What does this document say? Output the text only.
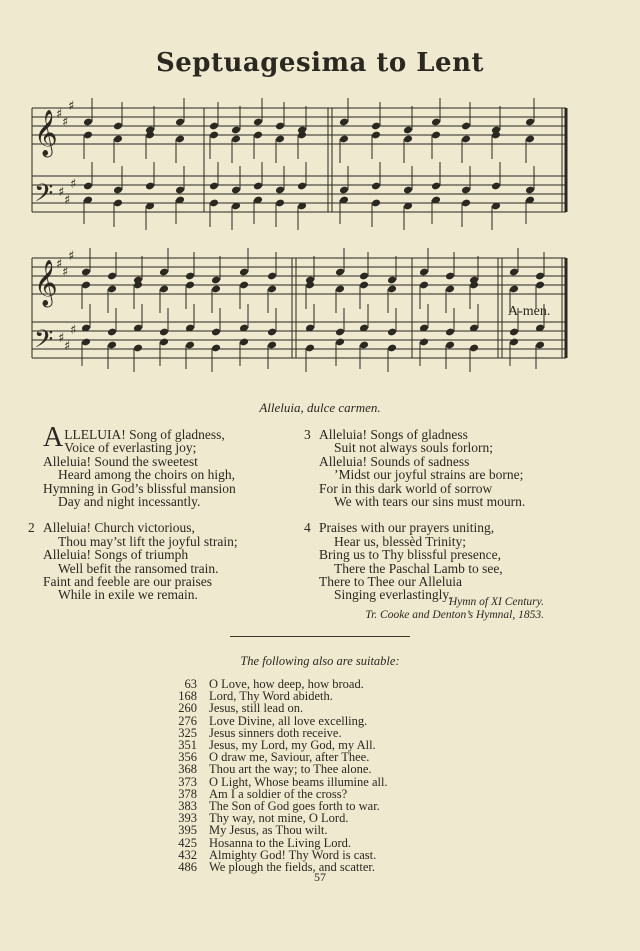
Septuagesima to Lent
𝄞
𝄢
𝄞
𝄢
♯
♯
♯
♯
♯
♯
♯
♯
♯
♯
♯
♯
A-men.
Alleluia, dulce carmen.
ALLELUIA! Song of gladness,
Voice of everlasting joy;
Alleluia! Sound the sweetest
Heard among the choirs on high,
Hymning in God’s blissful mansion
Day and night incessantly.
2 Alleluia! Church victorious,
Thou may’st lift the joyful strain;
Alleluia! Songs of triumph
Well befit the ransomed train.
Faint and feeble are our praises
While in exile we remain.
3 Alleluia! Songs of gladness
Suit not always souls forlorn;
Alleluia! Sounds of sadness
’Midst our joyful strains are borne;
For in this dark world of sorrow
We with tears our sins must mourn.
4 Praises with our prayers uniting,
Hear us, blessèd Trinity;
Bring us to Thy blissful presence,
There the Paschal Lamb to see,
There to Thee our Alleluia
Singing everlastingly.
Hymn of XI Century.
Tr. Cooke and Denton’s Hymnal, 1853.
The following also are suitable:
63 O Love, how deep, how broad.
168 Lord, Thy Word abideth.
260 Jesus, still lead on.
276 Love Divine, all love excelling.
325 Jesus sinners doth receive.
351 Jesus, my Lord, my God, my All.
356 O draw me, Saviour, after Thee.
368 Thou art the way; to Thee alone.
373 O Light, Whose beams illumine all.
378 Am I a soldier of the cross?
383 The Son of God goes forth to war.
393 Thy way, not mine, O Lord.
395 My Jesus, as Thou wilt.
425 Hosanna to the Living Lord.
432 Almighty God! Thy Word is cast.
486 We plough the fields, and scatter.
57
